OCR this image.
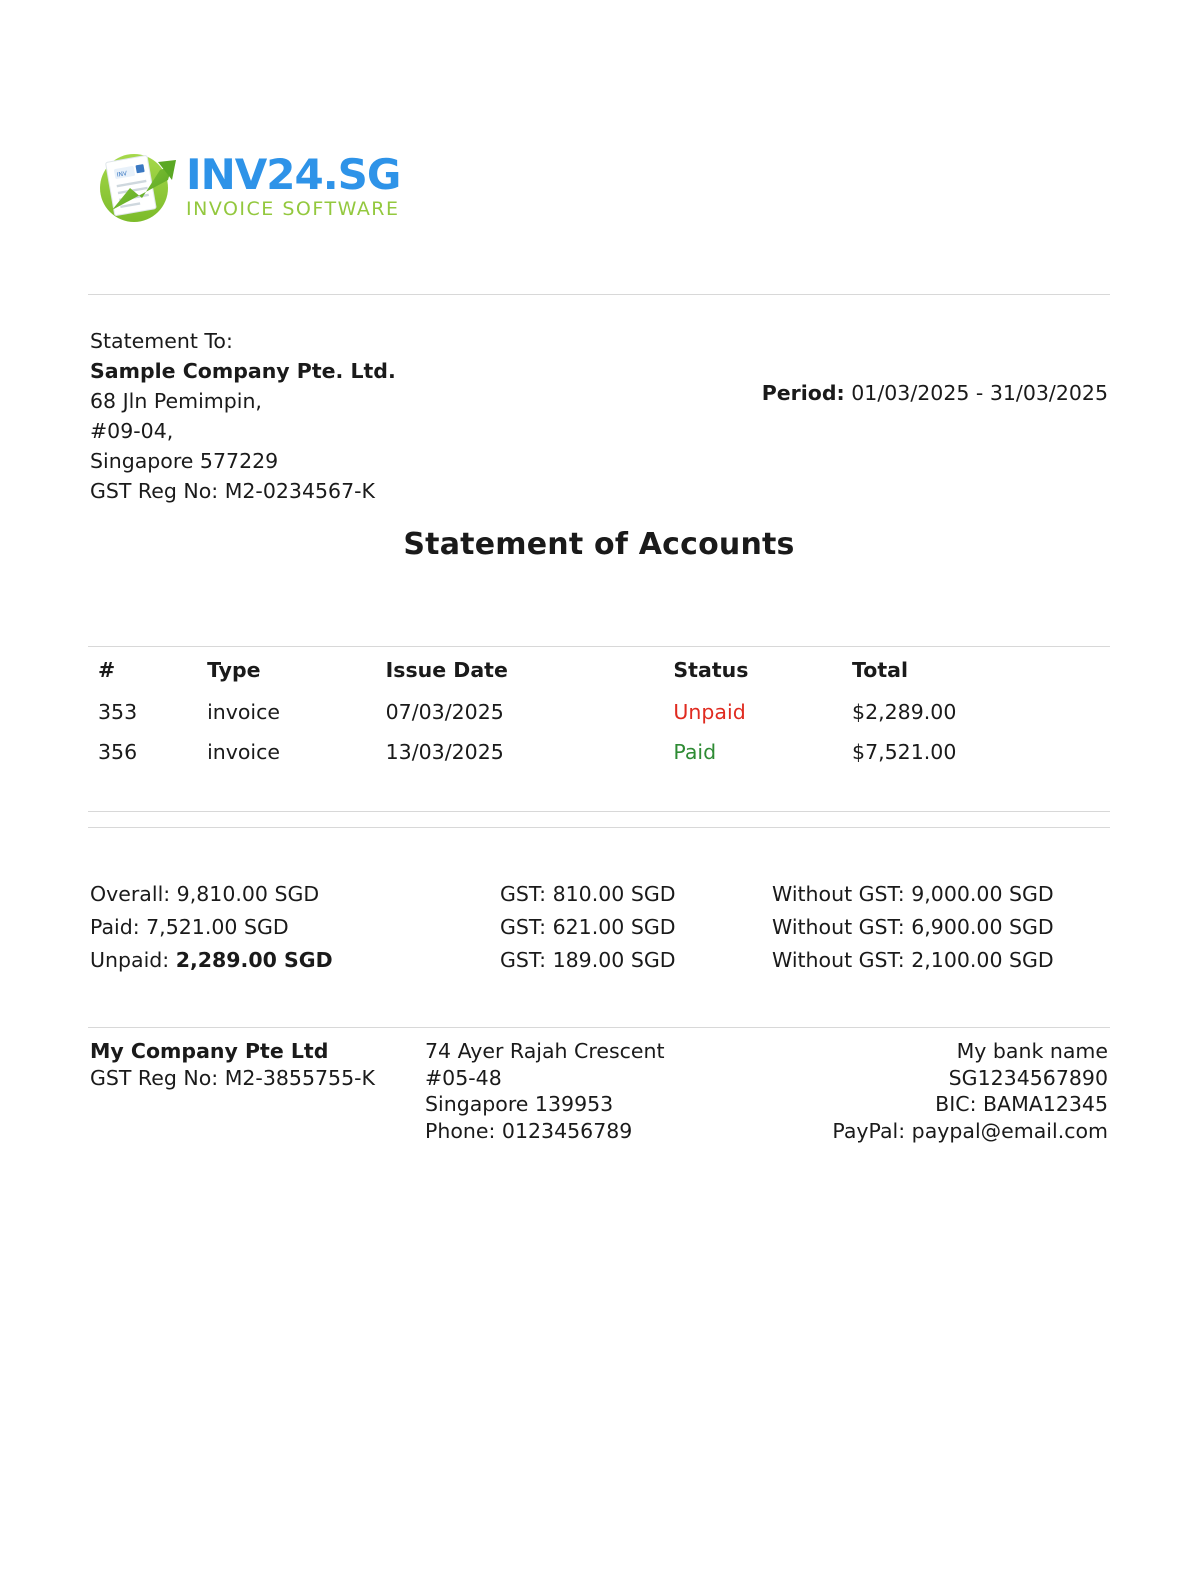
INV INV24.SG
INVOICE SOFTWARE
Statement To:
Sample Company Pte. Ltd.
68 Jln Pemimpin,
#09-04,
Singapore 577229
GST Reg No: M2-0234567-K
Period: 01/03/2025 - 31/03/2025
Statement of Accounts
#	Type	Issue Date	Status	Total
353	invoice	07/03/2025	Unpaid	$2,289.00
356	invoice	13/03/2025	Paid	$7,521.00
Overall: 9,810.00 SGD	GST: 810.00 SGD	Without GST: 9,000.00 SGD
Paid: 7,521.00 SGD	GST: 621.00 SGD	Without GST: 6,900.00 SGD
Unpaid: 2,289.00 SGD	GST: 189.00 SGD	Without GST: 2,100.00 SGD
My Company Pte Ltd
GST Reg No: M2-3855755-K
74 Ayer Rajah Crescent
#05-48
Singapore 139953
Phone: 0123456789
My bank name
SG1234567890
BIC: BAMA12345
PayPal: paypal@email.com
